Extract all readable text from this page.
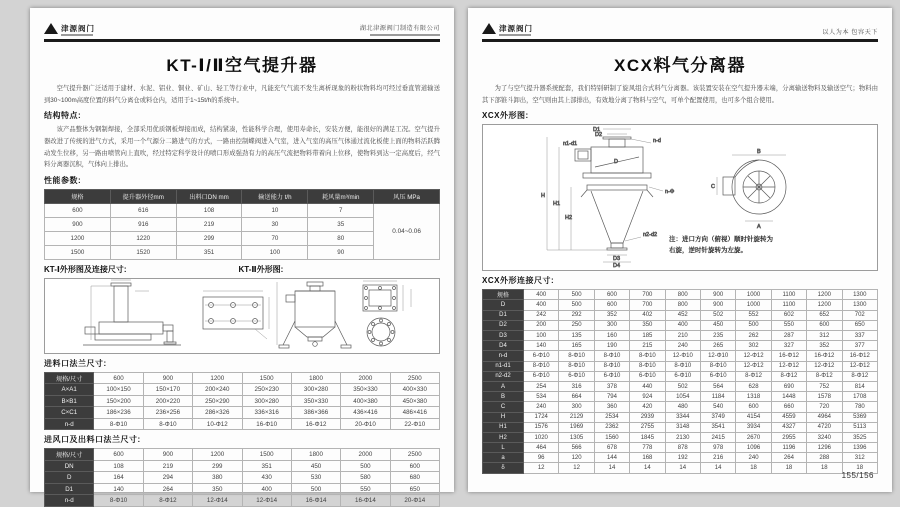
津源阀门	湖北津源阀门制造有限公司
KT-Ⅰ/Ⅱ空气提升器

空气提升器广泛适用于建材、水泥、铝业、铜业、矿山、轻工等行业中，凡能充气气流不发生离析现象的粉状物料均可经过垂直管道输送到30~100m高度位置的料气分离仓或料仓内，适用于1~15t/h的系统中。

结构特点:

该产品整体为钢制焊接，全部采用优质钢板焊接而成，结构紧凑，性能科学合理，使用寿命长，安装方便，能很好的满足工况。空气提升器改进了传统的进气方式，采用一个气源分二路进气的方式，一路由控制蝶阀进入气室，进入气室的高压气体通过流化板使上面的物料活跃腾动发生位移，另一路由喷管向上直吹，经过特定科学设计的喷口形成强劲有力的高压气流把物料带着向上位移，使物料到达一定高度后，经气料分离器沉积，气体向上排出。

性能参数:
规格	提升器外径mm	出料口DN mm	输送能力 t/h	耗风量m³/min	风压 MPa
600	616	108	10	7	0.04~0.06
900	916	219	30	35	
1200	1220	299	70	80	
1500	1520	351	100	90	
KT-Ⅰ外形图及连接尺寸:	KT-Ⅱ外形图:
进料口法兰尺寸:
规格/尺寸	600	900	1200	1500	1800	2000	2500
A×A1	100×150	150×170	200×240	250×230	300×280	350×330	400×330
B×B1	150×200	200×220	250×290	300×280	350×330	400×380	450×380
C×C1	186×236	236×256	286×326	336×316	386×366	436×416	486×416
n-d	8-Φ10	8-Φ10	10-Φ12	16-Φ10	16-Φ12	20-Φ10	22-Φ10
进风口及出料口法兰尺寸:
规格/尺寸	600	900	1200	1500	1800	2000	2500
DN	108	219	299	351	450	500	600
D	164	294	380	430	530	580	680
D1	140	264	350	400	500	550	650
n-d	8-Φ10	8-Φ12	12-Φ14	12-Φ14	16-Φ14	16-Φ14	20-Φ14
津源阀门	以人为本 包容天下
XCX料气分离器

为了与空气提升器系统配套，我们特别研制了旋风组合式料气分离器。该装置安装在空气提升器末端，分离输送物料及输送空气；物料由其下部锥斗卸出，空气则由其上部排出，有效地分离了物料与空气，可单个配置使用，也可多个组合使用。

XCX外形图:
D1
D2
n1-d1	n-d
D
n-Φ
H
H1
H2
n2-d2
D3
D4
B
C
A
注：进口方向（俯视）顺时针旋转为
右旋，逆时针旋转为左旋。
XCX外形连接尺寸:
规格	400	500	600	700	800	900	1000	1100	1200	1300
D	400	500	600	700	800	900	1000	1100	1200	1300
D1	242	292	352	402	452	502	552	602	652	702
D2	200	250	300	350	400	450	500	550	600	650
D3	100	135	160	185	210	235	262	287	312	337
D4	140	165	190	215	240	265	302	327	352	377
n-d	6-Φ10	8-Φ10	8-Φ10	8-Φ10	12-Φ10	12-Φ10	12-Φ12	16-Φ12	16-Φ12	16-Φ12
n1-d1	8-Φ10	8-Φ10	8-Φ10	8-Φ10	8-Φ10	8-Φ10	12-Φ12	12-Φ12	12-Φ12	12-Φ12
n2-d2	6-Φ10	6-Φ10	6-Φ10	6-Φ10	6-Φ10	6-Φ10	8-Φ12	8-Φ12	8-Φ12	8-Φ12
A	254	316	378	440	502	564	628	690	752	814
B	534	664	794	924	1054	1184	1318	1448	1578	1708
C	240	300	360	420	480	540	600	660	720	780
H	1724	2129	2534	2939	3344	3749	4154	4559	4964	5369
H1	1576	1969	2362	2755	3148	3541	3934	4327	4720	5113
H2	1020	1305	1560	1845	2130	2415	2670	2955	3240	3525
L	464	566	678	778	878	978	1096	1196	1296	1396
a	96	120	144	168	192	216	240	264	288	312
δ	12	12	14	14	14	14	18	18	18	18
155/156
